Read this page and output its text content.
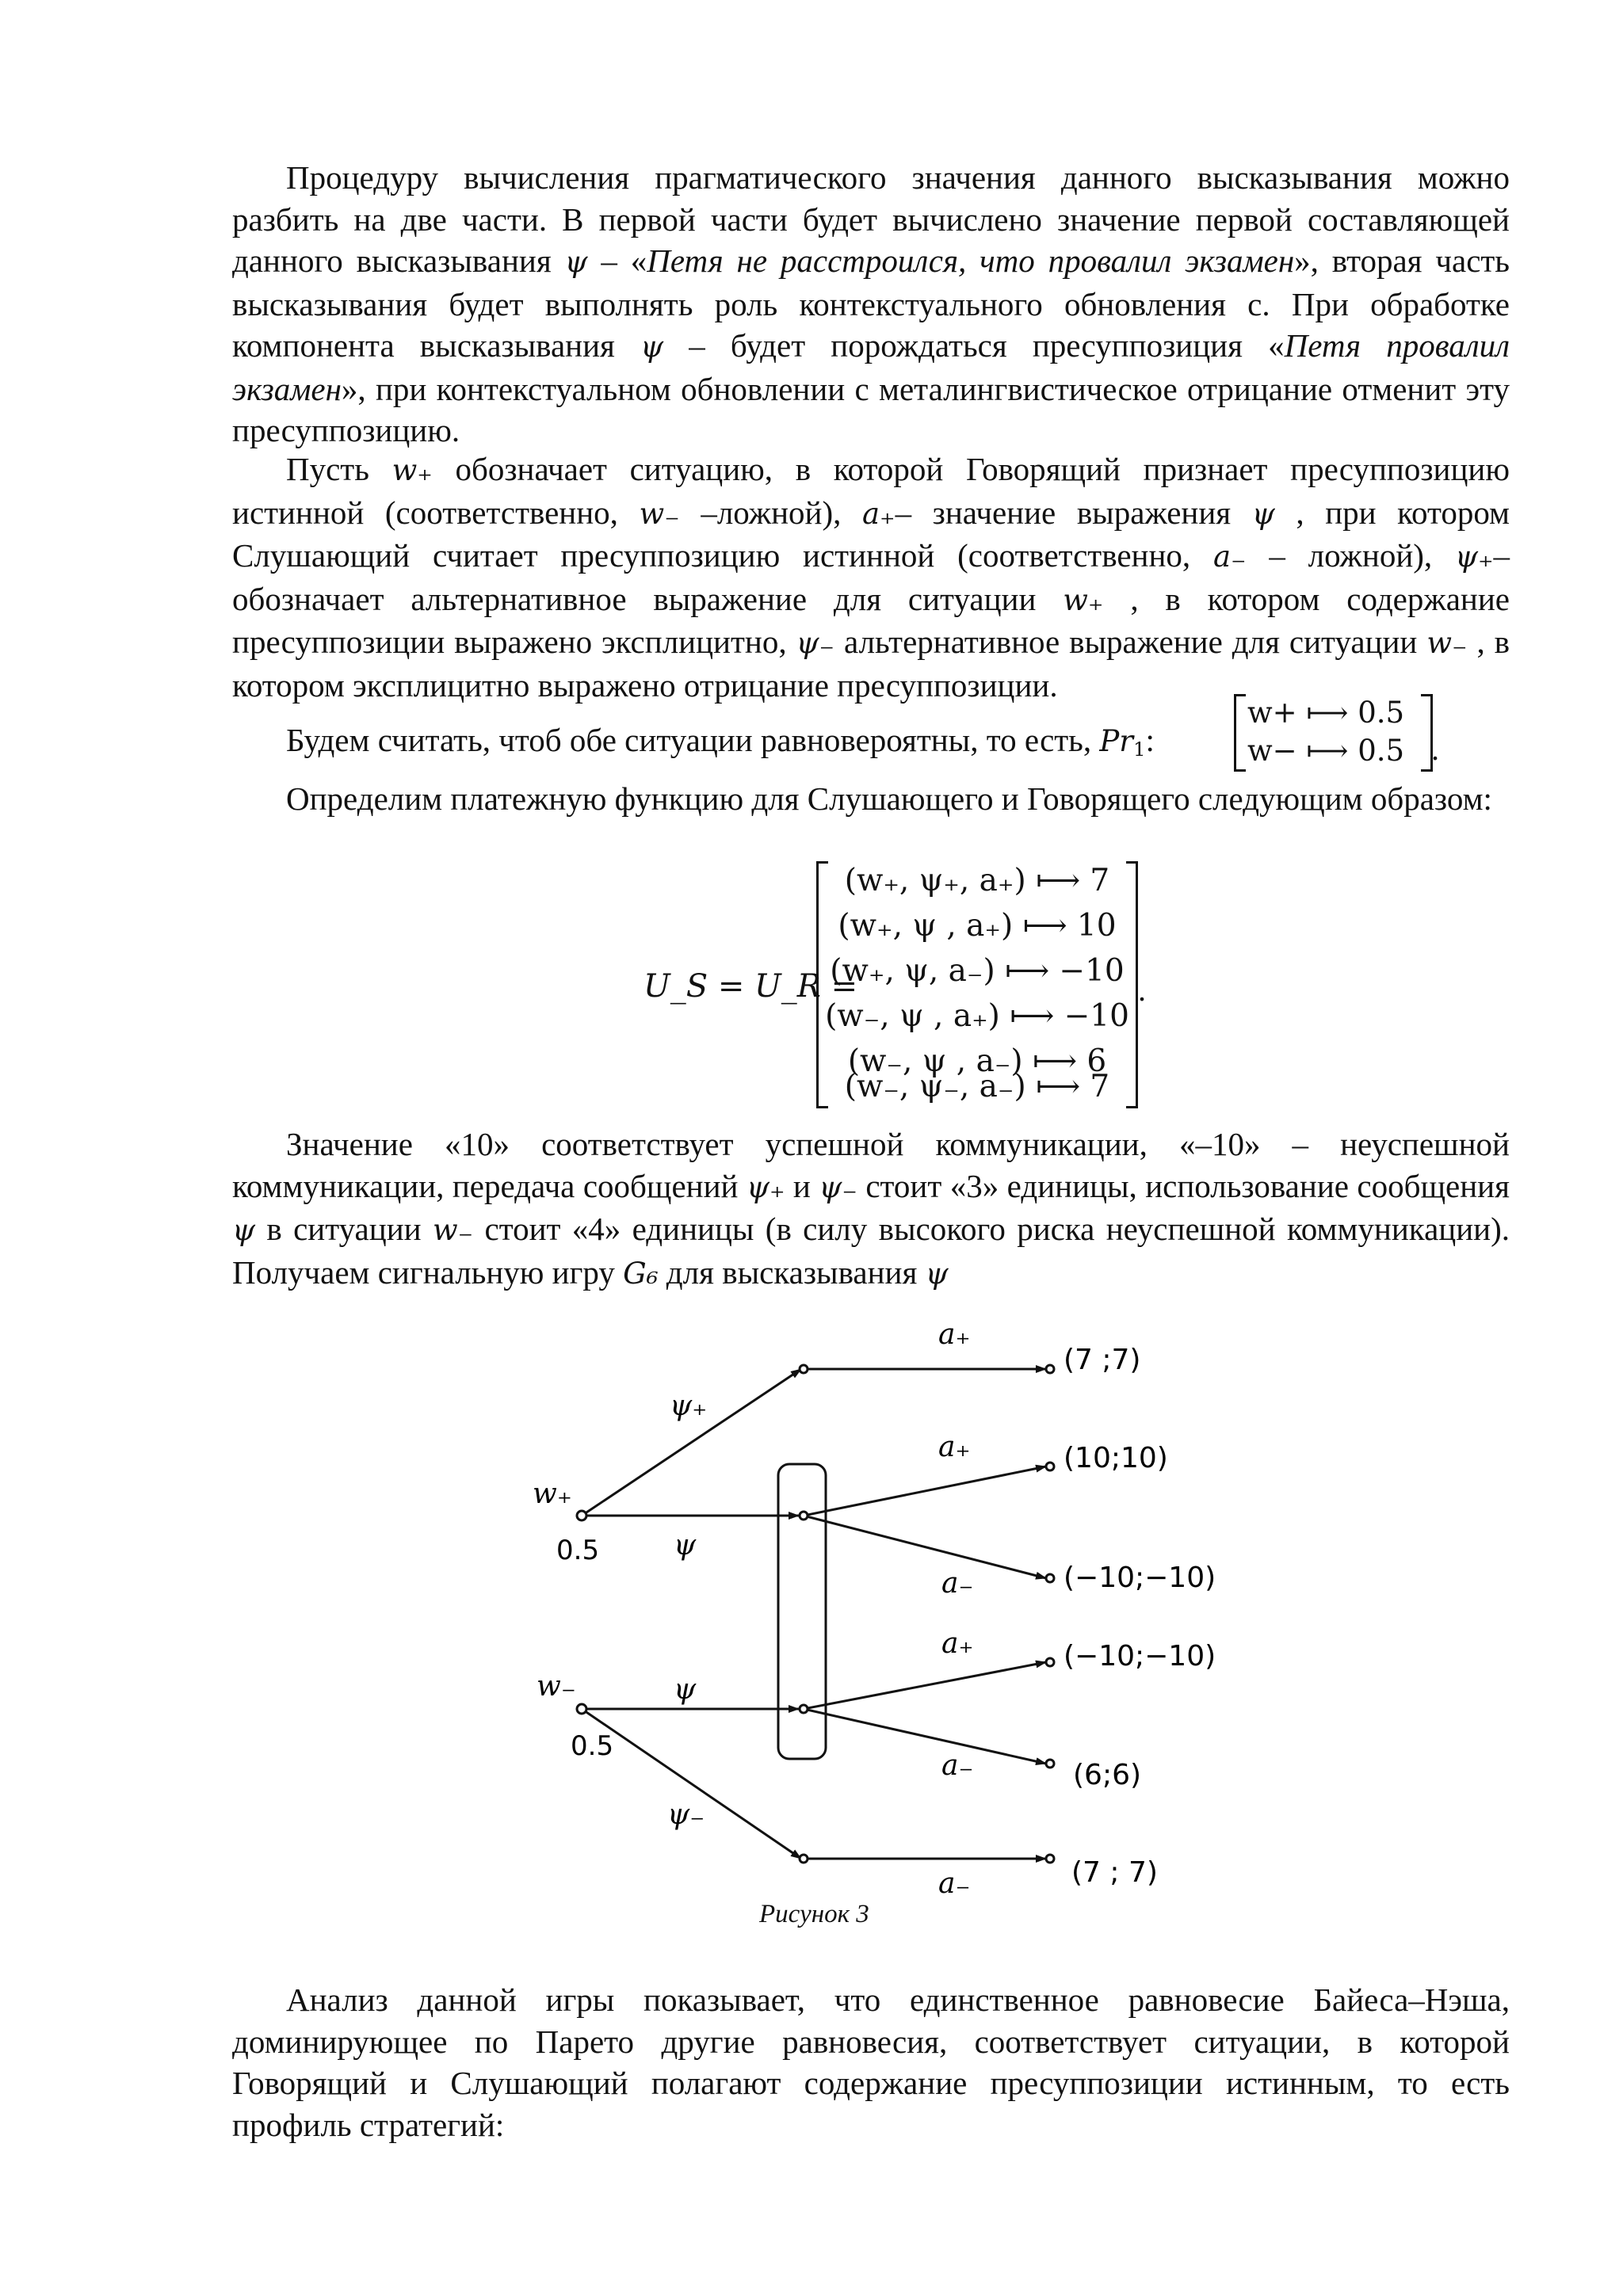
Процедуру вычисления прагматического значения данного высказывания можно разбить на две части. В первой части будет вычислено значение первой составляющей данного высказывания ψ – «Петя не расстроился, что провалил экзамен», вторая часть высказывания будет выполнять роль контекстуального обновления с. При обработке компонента высказывания ψ – будет порождаться пресуппозиция «Петя провалил экзамен», при контекстуальном обновлении с металингвистическое отрицание отменит эту пресуппозицию.

Пусть w₊ обозначает ситуацию, в которой Говорящий признает пресуппозицию истинной (соответственно, w₋ –ложной), a₊– значение выражения ψ , при котором Слушающий считает пресуппозицию истинной (соответственно, a₋ – ложной), ψ₊– обозначает альтернативное выражение для ситуации w₊ , в котором содержание пресуппозиции выражено эксплицитно, ψ₋ альтернативное выражение для ситуации w₋ , в котором эксплицитно выражено отрицание пресуппозиции.

Будем считать, чтоб обе ситуации равновероятны, то есть, $Pr_1$:
w+ ⟼ 0.5
w− ⟼ 0.5 .

Определим платежную функцию для Слушающего и Говорящего следующим образом:

U_S = U_R =
(w₊, ψ₊, a₊) ⟼ 7
(w₊, ψ , a₊) ⟼ 10
(w₊, ψ, a₋) ⟼ −10
(w₋, ψ , a₊) ⟼ −10
(w₋, ψ , a₋) ⟼ 6
(w₋, ψ₋, a₋) ⟼ 7
.

Значение «10» соответствует успешной коммуникации, «–10» – неуспешной коммуникации, передача сообщений ψ₊ и ψ₋ стоит «3» единицы, использование сообщения ψ в ситуации w₋ стоит «4» единицы (в силу высокого риска неуспешной коммуникации). Получаем сигнальную игру G₆ для высказывания ψ

w₊
0.5
w₋
0.5
ψ₊
ψ
ψ
ψ₋
a₊
a₊
a₋
a₊
a₋
a₋
(7 ;7)
(10;10)
(−10;−10)
(−10;−10)
(6;6)
(7 ; 7)
Рисунок 3

Анализ данной игры показывает, что единственное равновесие Байеса–Нэша, доминирующее по Парето другие равновесия, соответствует ситуации, в которой Говорящий и Слушающий полагают содержание пресуппозиции истинным, то есть профиль стратегий:
